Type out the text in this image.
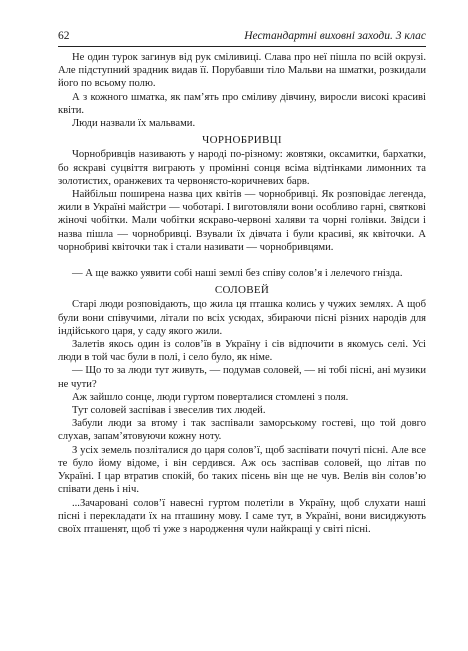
62	Нестандартні виховні заходи. 3 клас

Не один турок загинув від рук сміливиці. Слава про неї пішла по всій окрузі. Але підступний зрадник видав її. Порубавши тіло Мальви на шматки, розкидали його по всьому полю.

А з кожного шматка, як пам’ять про сміливу дівчину, виросли високі красиві квіти.

Люди назвали їх мальвами.

ЧОРНОБРИВЦІ

Чорнобривців називають у народі по-різному: жовтяки, оксамитки, бархатки, бо яскраві суцвіття виграють у промінні сонця всіма відтінками лимонних та золотистих, оранжевих та червонясто-коричневих барв.

Найбільш поширена назва цих квітів — чорнобривці. Як розповідає легенда, жили в Україні майстри — чоботарі. І виготовляли вони особливо гарні, святкові жіночі чобітки. Мали чобітки яскраво-червоні халяви та чорні голівки. Звідси і назва пішла — чорнобривці. Взували їх дівчата і були красиві, як квіточки. А чорнобриві квіточки так і стали називати — чорнобривцями.

— А ще важко уявити собі наші землі без співу соловʼя і лелечого гнізда.

СОЛОВЕЙ

Старі люди розповідають, що жила ця пташка колись у чужих землях. А щоб були вони співучими, літали по всіх усюдах, збираючи пісні різних народів для індійського царя, у саду якого жили.

Залетів якось один із солов’їв в Україну і сів відпочити в якомусь селі. Усі люди в той час були в полі, і село було, як німе.

— Що то за люди тут живуть, — подумав соловей, — ні тобі пісні, ані музики не чути?

Аж зайшло сонце, люди гуртом поверталися стомлені з поля.

Тут соловей заспівав і звеселив тих людей.

Забули люди за втому і так заспівали заморському гостеві, що той довго слухав, запам’ятовуючи кожну ноту.

З усіх земель позліталися до царя солов’ї, щоб заспівати почуті пісні. Але все те було йому відоме, і він сердився. Аж ось заспівав соловей, що літав по Україні. І цар втратив спокій, бо таких пісень він ще не чув. Велів він солов’ю співати день і ніч.

...Зачаровані солов’ї навесні гуртом полетіли в Україну, щоб слухати наші пісні і перекладати їх на пташину мову. І саме тут, в Україні, вони висиджують своїх пташенят, щоб ті уже з народження чули найкращі у світі пісні.
